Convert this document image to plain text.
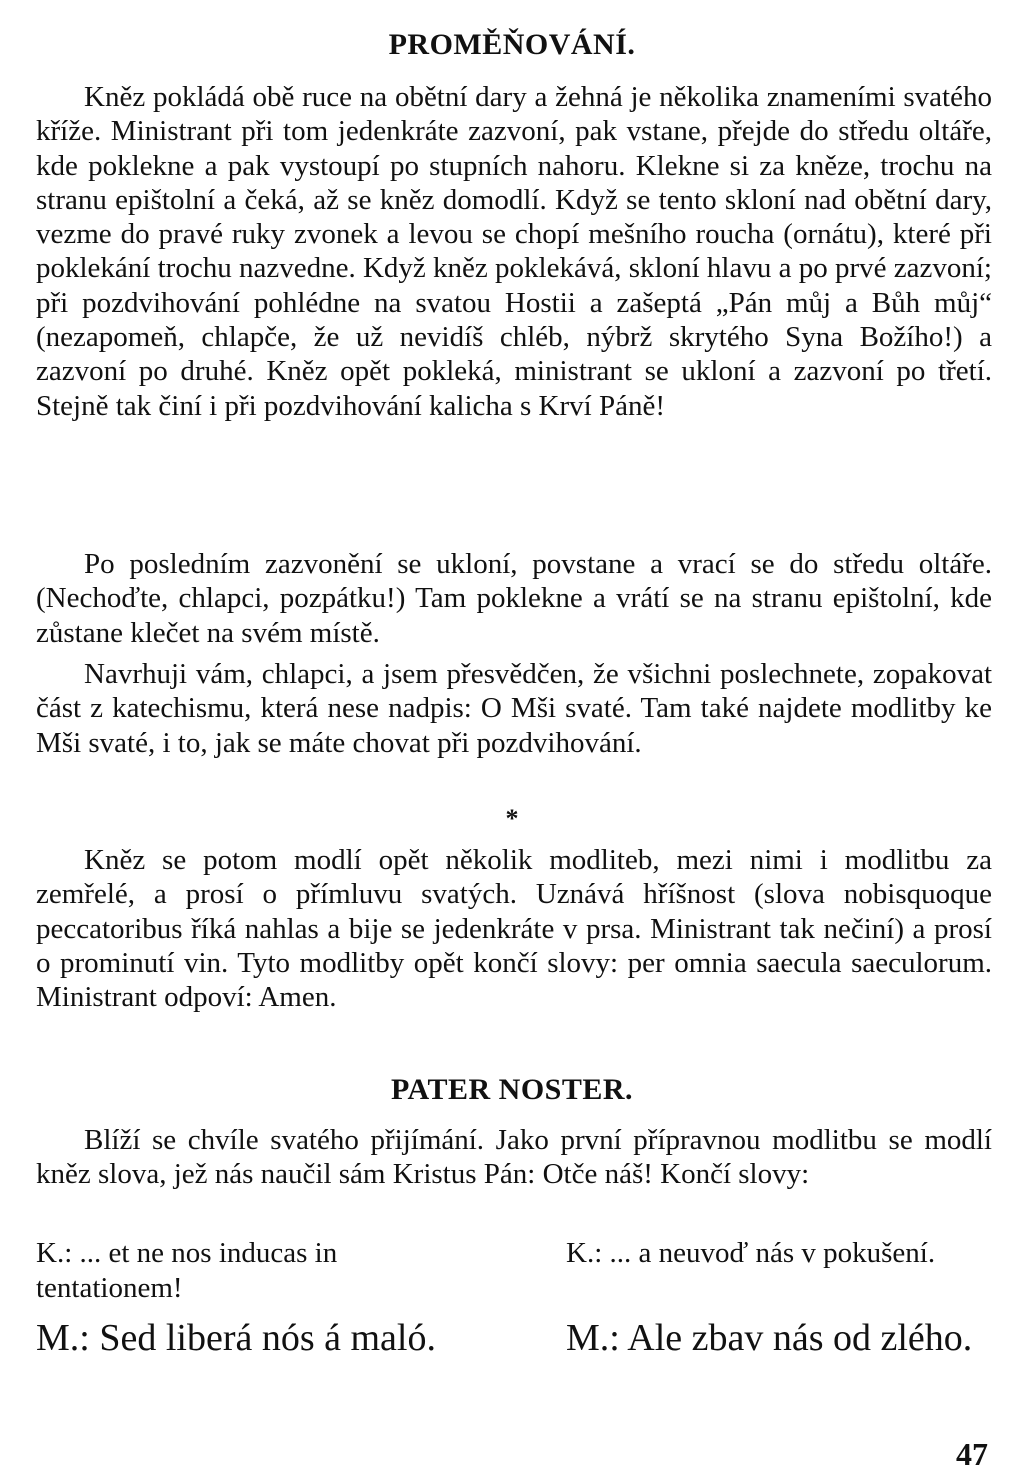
PROMĚŇOVÁNÍ.

Kněz pokládá obě ruce na obětní dary a žehná je několika znameními svatého kříže. Ministrant při tom jedenkráte zazvoní, pak vstane, přejde do středu oltáře, kde poklekne a pak vystoupí po stupních nahoru. Klekne si za kněze, trochu na stranu epištolní a čeká, až se kněz domodlí. Když se tento skloní nad obětní dary, vezme do pravé ruky zvonek a levou se chopí mešního roucha (ornátu), které při poklekání trochu nazvedne. Když kněz poklekává, skloní hlavu a po prvé zazvoní; při pozdvihování pohlédne na svatou Hostii a zašeptá „Pán můj a Bůh můj“ (nezapomeň, chlapče, že už nevidíš chléb, nýbrž skrytého Syna Božího!) a zazvoní po druhé. Kněz opět pokleká, ministrant se ukloní a zazvoní po třetí. Stejně tak činí i při pozdvihování kalicha s Krví Páně!

Po posledním zazvonění se ukloní, povstane a vrací se do středu oltáře. (Nechoďte, chlapci, pozpátku!) Tam poklekne a vrátí se na stranu epištolní, kde zůstane klečet na svém místě.

Navrhuji vám, chlapci, a jsem přesvědčen, že všichni poslechnete, zopakovat část z katechismu, která nese nadpis: O Mši svaté. Tam také najdete modlitby ke Mši svaté, i to, jak se máte chovat při pozdvihování.

*

Kněz se potom modlí opět několik modliteb, mezi nimi i modlitbu za zemřelé, a prosí o přímluvu svatých. Uznává hříšnost (slova nobisquoque peccatoribus říká nahlas a bije se jedenkráte v prsa. Ministrant tak nečiní) a prosí o prominutí vin. Tyto modlitby opět končí slovy: per omnia saecula saeculorum. Ministrant odpoví: Amen.

PATER NOSTER.

Blíží se chvíle svatého přijímání. Jako první přípravnou modlitbu se modlí kněz slova, jež nás naučil sám Kristus Pán: Otče náš! Končí slovy:

K.: ... et ne nos inducas in tentationem!

K.: ... a neuvoď nás v pokušení.

M.: Sed liberá nós á maló.	M.: Ale zbav nás od zlého.

47
